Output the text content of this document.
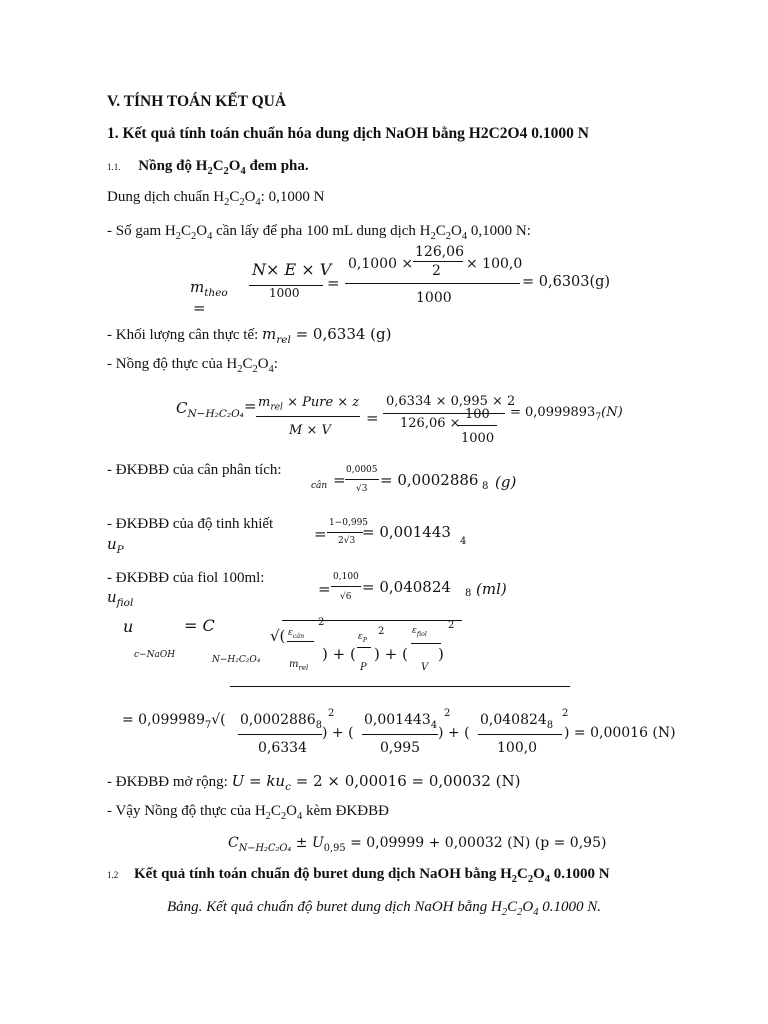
V. TÍNH TOÁN KẾT QUẢ
1. Kết quả tính toán chuẩn hóa dung dịch NaOH bằng H2C2O4 0.1000 N
1.1. Nồng độ $H_2C_2O_4$ đem pha.
Dung dịch chuẩn $H_2C_2O_4$: 0,1000 N
- Số gam $H_2C_2O_4$ cần lấy để pha 100 mL dung dịch $H_2C_2O_4$ 0,1000 N:
$m_{theo}$
=
N× E × V
1000
=
0,1000 ×
126,06
2 × 100,0
1000
= 0,6303(g)
- Khối lượng cân thực tế: $m_{rel} = 0,6334$ (g)
- Nồng độ thực của $H_2C_2O_4$:
$C_{N-H_2C_2O_4} = m_{rel}$ × Pure × z
M × V
=
0,6334 × 0,995 × 2
126,06 ×
100
1000
= $0,0999893_7(N)$
- ĐKĐBĐ của cân phân tích:
cân =
0,0005
√3 = 0,0002886 8 (g)
- ĐKĐBĐ của độ tinh khiết
$u_P$
=
1−0,995
2√3 = 0,001443
4
- ĐKĐBĐ của fiol 100ml:
$u_{fiol}$
=
0,100
√6
= 0,040824 8 (ml)
u
c−NaOH
= C
N−H₂C₂O₄
√( $\varepsilon_{cân}$
2
$m_{rel}$
) + (
$\varepsilon_P$
2
P
) + (
$\varepsilon_{fiol}$
2
V
)
= $0,099989_7√$( $0,0002886_8$
2
0,6334
) + (
$0,001443_4$
2
0,995
) + (
$0,040824_8$
2
100,0
) = 0,00016 (N)
- ĐKĐBĐ mở rộng: $U = ku_c = 2 \times 0,00016 = 0,00032$ (N)
- Vậy Nồng độ thực của $H_2C_2O_4$ kèm ĐKĐBĐ
$C_{N-H_2C_2O_4} \pm U_{0,95} = 0,09999 + 0,00032$ (N) (p = 0,95)
1.2 Kết quả tính toán chuẩn độ buret dung dịch NaOH bằng $H_2C_2O_4$ 0.1000 N
Bảng. Kết quả chuẩn độ buret dung dịch NaOH bằng $H_2C_2O_4$ 0.1000 N.
